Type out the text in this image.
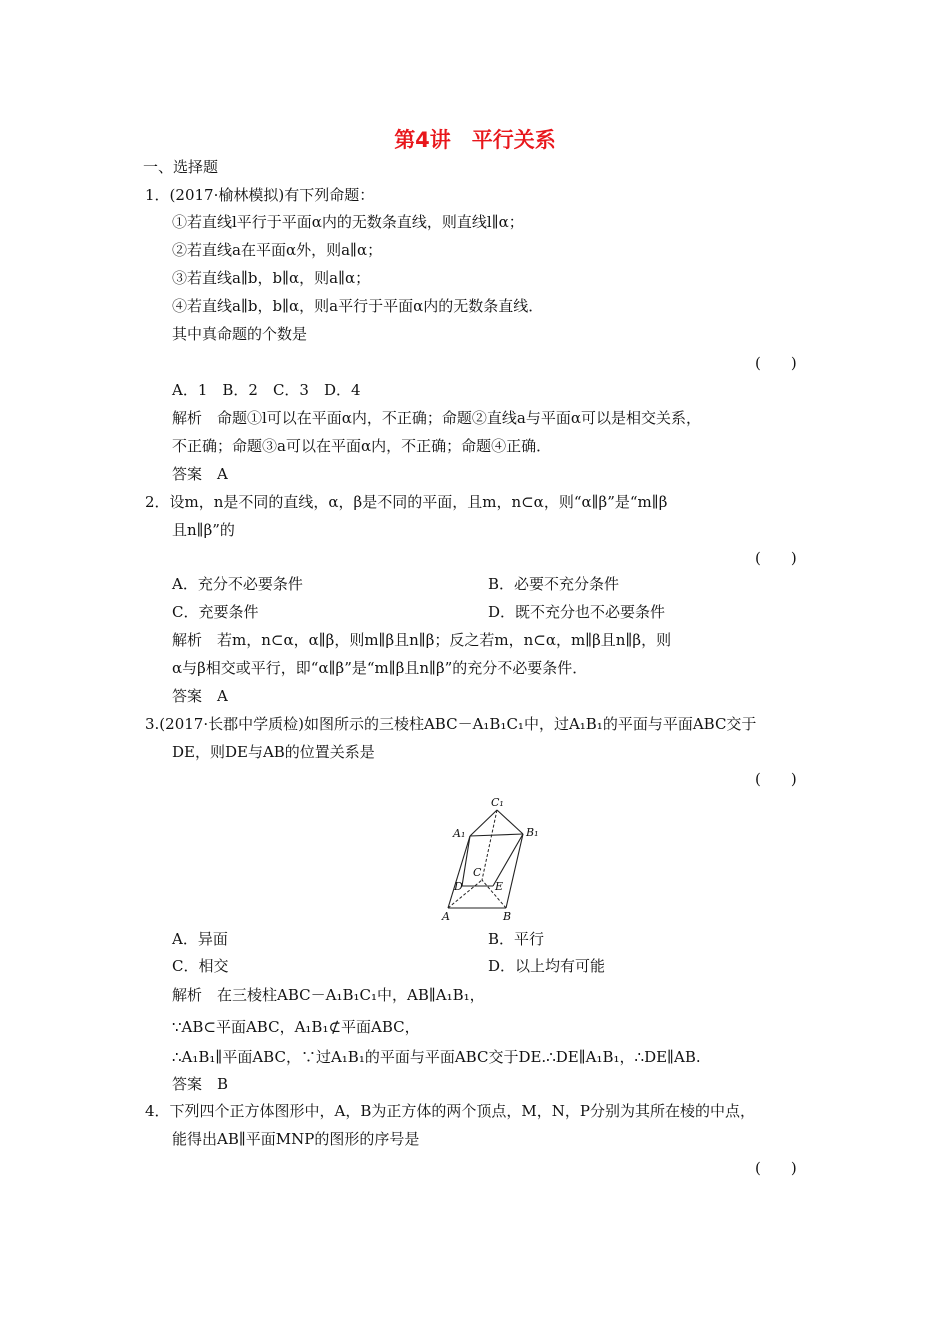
第4讲　平行关系
一、选择题
1．(2017·榆林模拟)有下列命题：
①若直线l平行于平面α内的无数条直线，则直线l∥α；
②若直线a在平面α外，则a∥α；
③若直线a∥b，b∥α，则a∥α；
④若直线a∥b，b∥α，则a平行于平面α内的无数条直线．
其中真命题的个数是
(　　)
A．1　B．2　C．3　D．4
解析　命题①l可以在平面α内，不正确；命题②直线a与平面α可以是相交关系，
不正确；命题③a可以在平面α内，不正确；命题④正确．
答案　A
2．设m，n是不同的直线，α，β是不同的平面，且m，n⊂α，则“α∥β”是“m∥β
且n∥β”的
(　　)
A．充分不必要条件	B．必要不充分条件
C．充要条件	D．既不充分也不必要条件
解析　若m，n⊂α，α∥β，则m∥β且n∥β；反之若m，n⊂α，m∥β且n∥β，则
α与β相交或平行，即“α∥β”是“m∥β且n∥β”的充分不必要条件．
答案　A
3.(2017·长郡中学质检)如图所示的三棱柱ABC－A₁B₁C₁中，过A₁B₁的平面与平面ABC交于
DE，则DE与AB的位置关系是
(　　)
C₁
A₁	B₁
C
D	E
A	B
A．异面	B．平行
C．相交	D．以上均有可能
解析　在三棱柱ABC－A₁B₁C₁中，AB∥A₁B₁，
∵AB⊂平面ABC，A₁B₁⊄平面ABC，
∴A₁B₁∥平面ABC，∵过A₁B₁的平面与平面ABC交于DE.∴DE∥A₁B₁，∴DE∥AB.
答案　B
4．下列四个正方体图形中，A，B为正方体的两个顶点，M，N，P分别为其所在棱的中点，
能得出AB∥平面MNP的图形的序号是
(　　)
